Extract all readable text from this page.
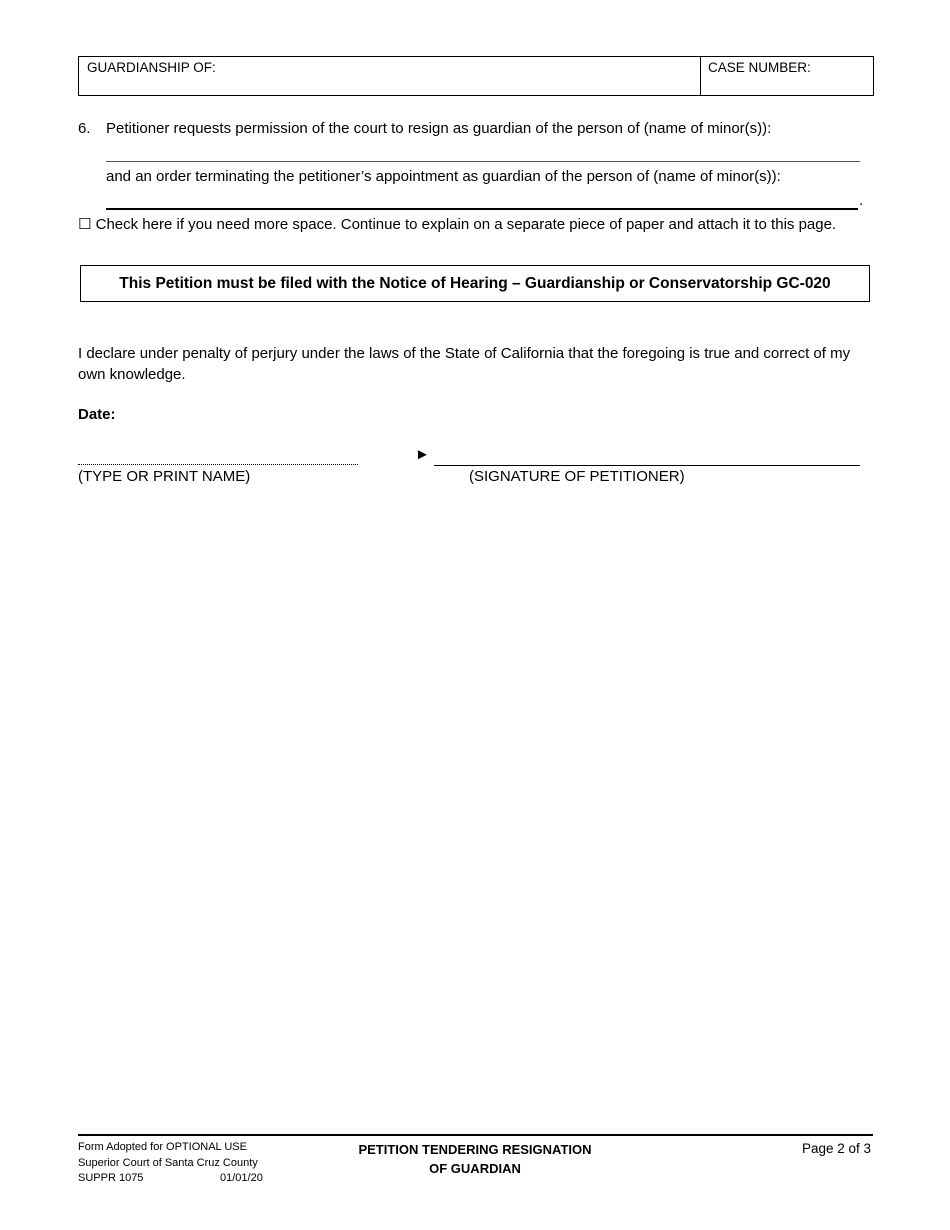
GUARDIANSHIP OF:	CASE NUMBER:
6. Petitioner requests permission of the court to resign as guardian of the person of (name of minor(s)):
and an order terminating the petitioner’s appointment as guardian of the person of (name of minor(s)):
.
☐ Check here if you need more space. Continue to explain on a separate piece of paper and attach it to this page.
This Petition must be filed with the Notice of Hearing – Guardianship or Conservatorship GC-020
I declare under penalty of perjury under the laws of the State of California that the foregoing is true and correct of my own knowledge.
Date:
(TYPE OR PRINT NAME)
►
(SIGNATURE OF PETITIONER)
Form Adopted for OPTIONAL USE
Superior Court of Santa Cruz County
SUPPR 1075	01/01/20
PETITION TENDERING RESIGNATION
OF GUARDIAN
Page 2 of 3
